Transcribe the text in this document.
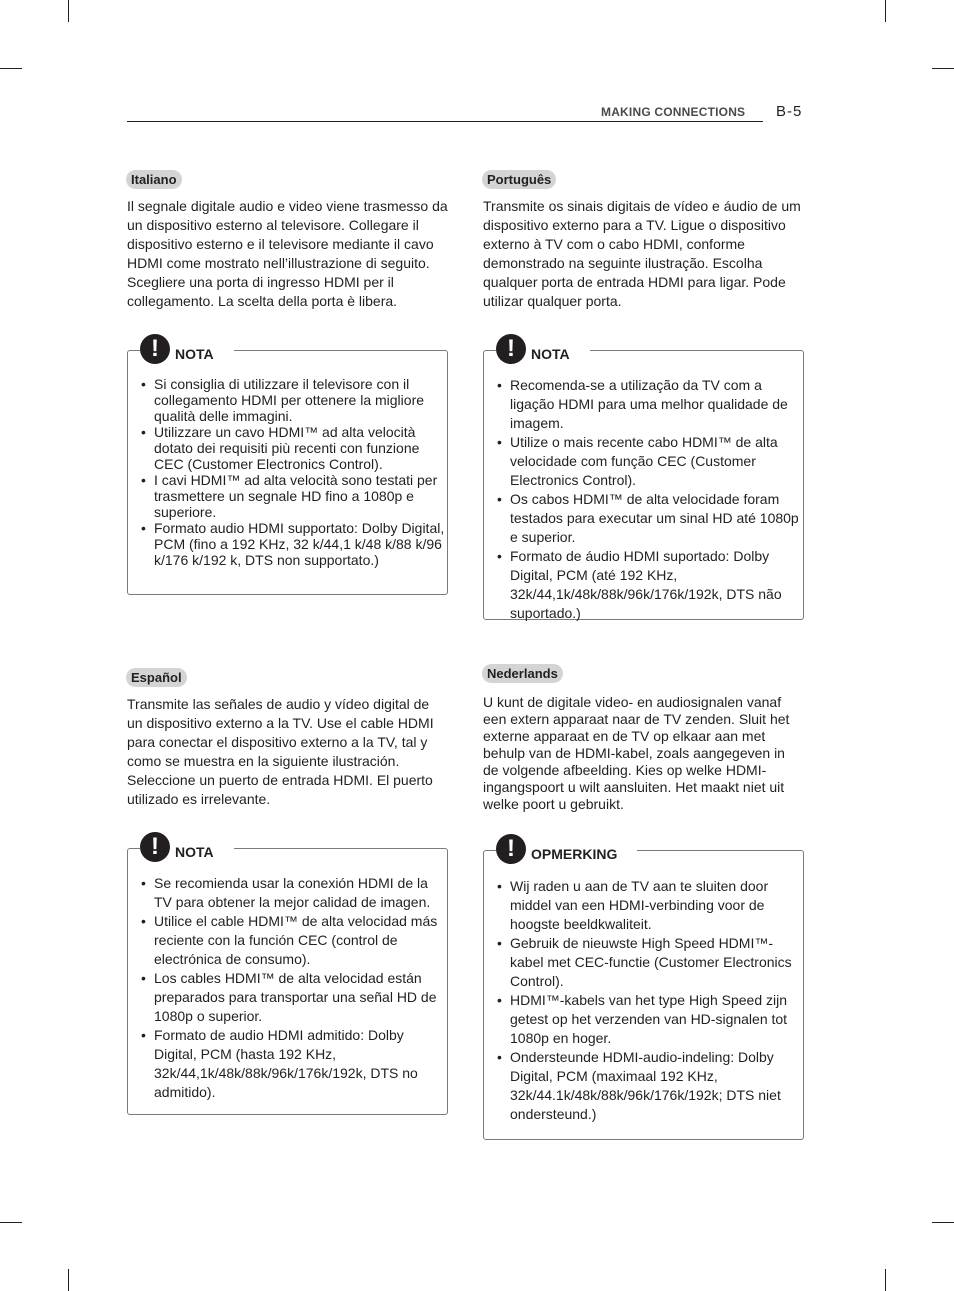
MAKING CONNECTIONS B-5
Italiano

Il segnale digitale audio e video viene trasmesso da un dispositivo esterno al televisore. Collegare il dispositivo esterno e il televisore mediante il cavo HDMI come mostrato nell’illustrazione di seguito. Scegliere una porta di ingresso HDMI per il collegamento. La scelta della porta è libera.

!	NOTA
• Si consiglia di utilizzare il televisore con il collegamento HDMI per ottenere la migliore qualità delle immagini.
• Utilizzare un cavo HDMI™ ad alta velocità dotato dei requisiti più recenti con funzione CEC (Customer Electronics Control).
• I cavi HDMI™ ad alta velocità sono testati per trasmettere un segnale HD fino a 1080p e superiore.
• Formato audio HDMI supportato: Dolby Digital, PCM (fino a 192 KHz, 32 k/44,1 k/48 k/88 k/96 k/176 k/192 k, DTS non supportato.)
Português

Transmite os sinais digitais de vídeo e áudio de um dispositivo externo para a TV. Ligue o dispositivo externo à TV com o cabo HDMI, conforme demonstrado na seguinte ilustração. Escolha qualquer porta de entrada HDMI para ligar. Pode utilizar qualquer porta.

!	NOTA
• Recomenda-se a utilização da TV com a ligação HDMI para uma melhor qualidade de imagem.
• Utilize o mais recente cabo HDMI™ de alta velocidade com função CEC (Customer Electronics Control).
• Os cabos HDMI™ de alta velocidade foram testados para executar um sinal HD até 1080p e superior.
• Formato de áudio HDMI suportado: Dolby Digital, PCM (até 192 KHz, 32k/44,1k/48k/88k/96k/176k/192k, DTS não suportado.)
Español

Transmite las señales de audio y vídeo digital de un dispositivo externo a la TV. Use el cable HDMI para conectar el dispositivo externo a la TV, tal y como se muestra en la siguiente ilustración. Seleccione un puerto de entrada HDMI. El puerto utilizado es irrelevante.

!	NOTA
• Se recomienda usar la conexión HDMI de la TV para obtener la mejor calidad de imagen.
• Utilice el cable HDMI™ de alta velocidad más reciente con la función CEC (control de electrónica de consumo).
• Los cables HDMI™ de alta velocidad están preparados para transportar una señal HD de 1080p o superior.
• Formato de audio HDMI admitido: Dolby Digital, PCM (hasta 192 KHz, 32k/44,1k/48k/88k/96k/176k/192k, DTS no admitido).
Nederlands

U kunt de digitale video- en audiosignalen vanaf een extern apparaat naar de TV zenden. Sluit het externe apparaat en de TV op elkaar aan met behulp van de HDMI-kabel, zoals aangegeven in de volgende afbeelding. Kies op welke HDMI-ingangspoort u wilt aansluiten. Het maakt niet uit welke poort u gebruikt.

!	OPMERKING
• Wij raden u aan de TV aan te sluiten door middel van een HDMI-verbinding voor de hoogste beeldkwaliteit.
• Gebruik de nieuwste High Speed HDMI™-kabel met CEC-functie (Customer Electronics Control).
• HDMI™-kabels van het type High Speed zijn getest op het verzenden van HD-signalen tot 1080p en hoger.
• Ondersteunde HDMI-audio-indeling: Dolby Digital, PCM (maximaal 192 KHz, 32k/44.1k/48k/88k/96k/176k/192k; DTS niet ondersteund.)
